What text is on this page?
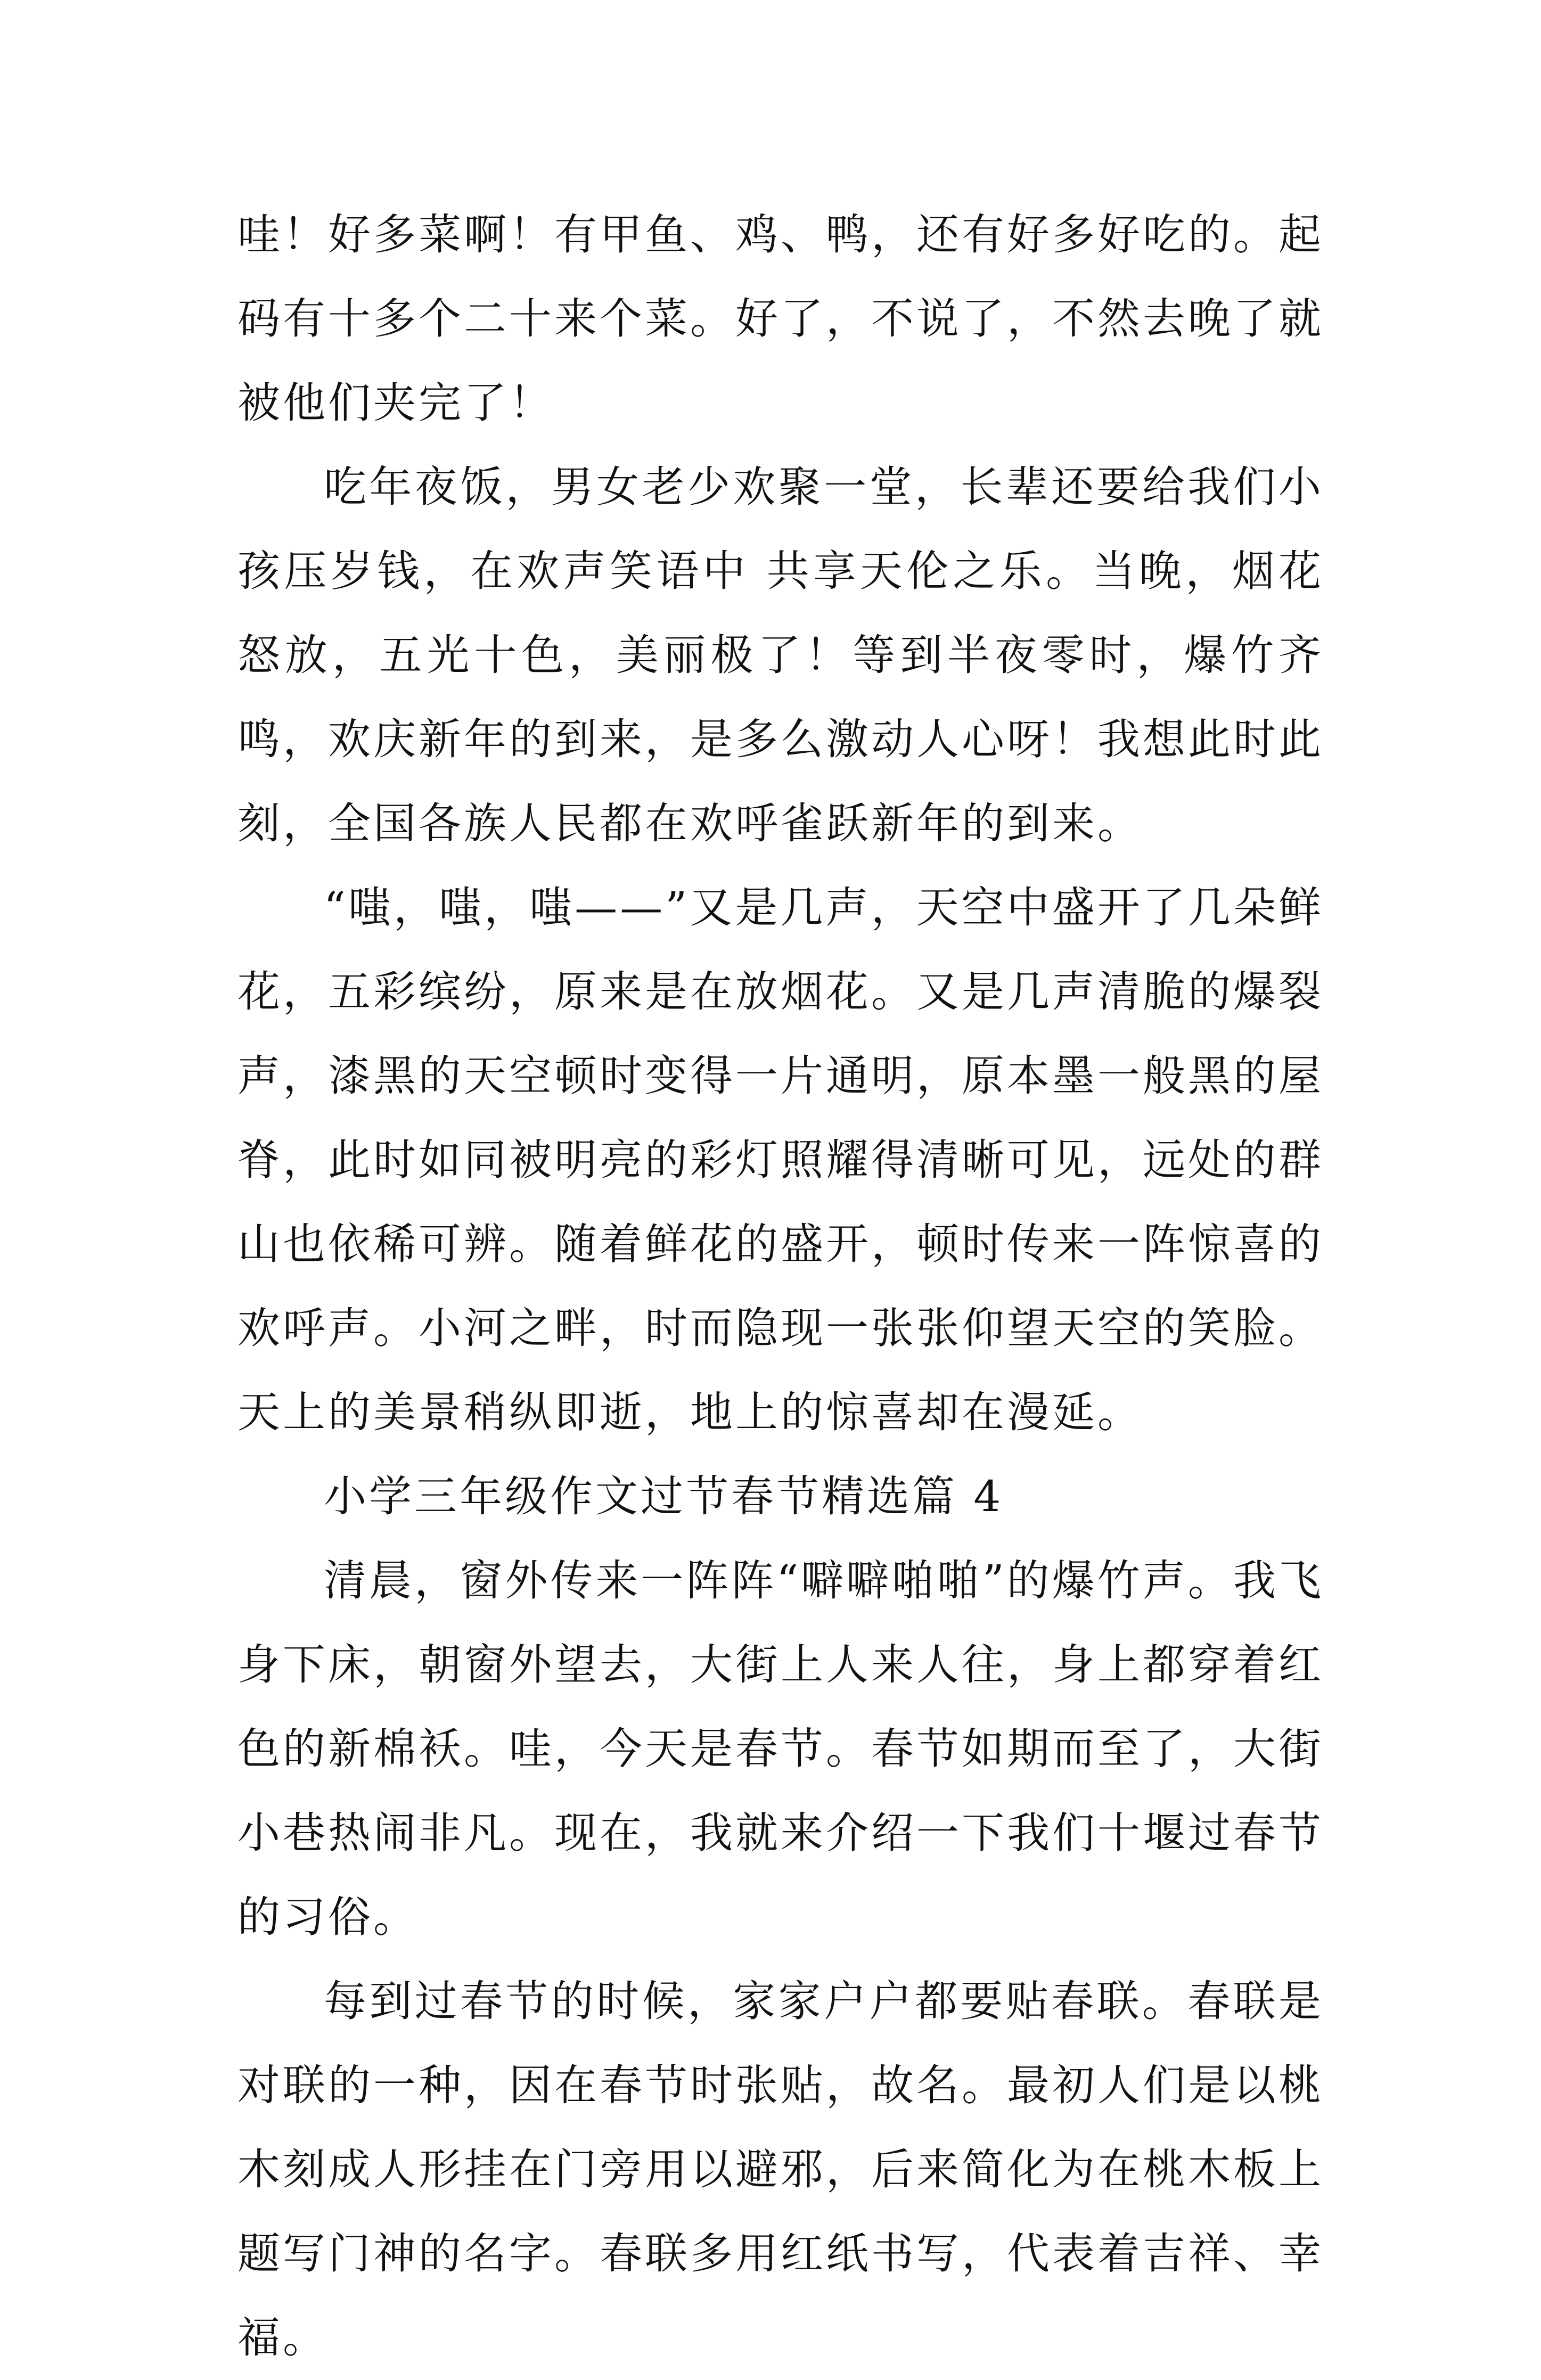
哇！好多菜啊！有甲鱼、鸡、鸭，还有好多好吃的。起码有十多个二十来个菜。好了，不说了，不然去晚了就被他们夹完了！

吃年夜饭，男女老少欢聚一堂，长辈还要给我们小孩压岁钱，在欢声笑语中 共享天伦之乐。当晚，烟花怒放，五光十色，美丽极了！等到半夜零时，爆竹齐鸣，欢庆新年的到来，是多么激动人心呀！我想此时此刻，全国各族人民都在欢呼雀跃新年的到来。

“嗤，嗤，嗤——”又是几声，天空中盛开了几朵鲜花，五彩缤纷，原来是在放烟花。又是几声清脆的爆裂声，漆黑的天空顿时变得一片通明，原本墨一般黑的屋脊，此时如同被明亮的彩灯照耀得清晰可见，远处的群山也依稀可辨。随着鲜花的盛开，顿时传来一阵惊喜的欢呼声。小河之畔，时而隐现一张张仰望天空的笑脸。天上的美景稍纵即逝，地上的惊喜却在漫延。

小学三年级作文过节春节精选篇 4

清晨，窗外传来一阵阵“噼噼啪啪”的爆竹声。我飞身下床，朝窗外望去，大街上人来人往，身上都穿着红色的新棉袄。哇，今天是春节。春节如期而至了，大街小巷热闹非凡。现在，我就来介绍一下我们十堰过春节的习俗。

每到过春节的时候，家家户户都要贴春联。春联是对联的一种，因在春节时张贴，故名。最初人们是以桃木刻成人形挂在门旁用以避邪，后来简化为在桃木板上题写门神的名字。春联多用红纸书写，代表着吉祥、幸福。
